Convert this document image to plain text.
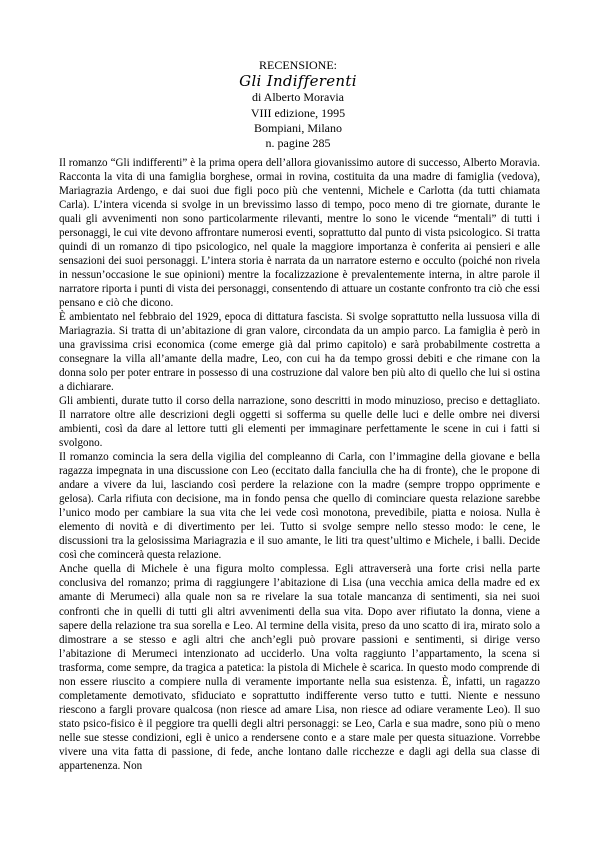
RECENSIONE:
Gli Indifferenti
di Alberto Moravia
VIII edizione, 1995
Bompiani, Milano
n. pagine 285

Il romanzo “Gli indifferenti” è la prima opera dell’allora giovanissimo autore di successo, Alberto Moravia. Racconta la vita di una famiglia borghese, ormai in rovina, costituita da una madre di famiglia (vedova), Mariagrazia Ardengo, e dai suoi due figli poco più che ventenni, Michele e Carlotta (da tutti chiamata Carla). L’intera vicenda si svolge in un brevissimo lasso di tempo, poco meno di tre giornate, durante le quali gli avvenimenti non sono particolarmente rilevanti, mentre lo sono le vicende “mentali” di tutti i personaggi, le cui vite devono affrontare numerosi eventi, soprattutto dal punto di vista psicologico. Si tratta quindi di un romanzo di tipo psicologico, nel quale la maggiore importanza è conferita ai pensieri e alle sensazioni dei suoi personaggi. L’intera storia è narrata da un narratore esterno e occulto (poiché non rivela in nessun’occasione le sue opinioni) mentre la focalizzazione è prevalentemente interna, in altre parole il narratore riporta i punti di vista dei personaggi, consentendo di attuare un costante confronto tra ciò che essi pensano e ciò che dicono.

È ambientato nel febbraio del 1929, epoca di dittatura fascista. Si svolge soprattutto nella lussuosa villa di Mariagrazia. Si tratta di un’abitazione di gran valore, circondata da un ampio parco. La famiglia è però in una gravissima crisi economica (come emerge già dal primo capitolo) e sarà probabilmente costretta a consegnare la villa all’amante della madre, Leo, con cui ha da tempo grossi debiti e che rimane con la donna solo per poter entrare in possesso di una costruzione dal valore ben più alto di quello che lui si ostina a dichiarare.

Gli ambienti, durate tutto il corso della narrazione, sono descritti in modo minuzioso, preciso e dettagliato. Il narratore oltre alle descrizioni degli oggetti si sofferma su quelle delle luci e delle ombre nei diversi ambienti, così da dare al lettore tutti gli elementi per immaginare perfettamente le scene in cui i fatti si svolgono.

Il romanzo comincia la sera della vigilia del compleanno di Carla, con l’immagine della giovane e bella ragazza impegnata in una discussione con Leo (eccitato dalla fanciulla che ha di fronte), che le propone di andare a vivere da lui, lasciando così perdere la relazione con la madre (sempre troppo opprimente e gelosa). Carla rifiuta con decisione, ma in fondo pensa che quello di cominciare questa relazione sarebbe l’unico modo per cambiare la sua vita che lei vede così monotona, prevedibile, piatta e noiosa. Nulla è elemento di novità e di divertimento per lei. Tutto si svolge sempre nello stesso modo: le cene, le discussioni tra la gelosissima Mariagrazia e il suo amante, le liti tra quest’ultimo e Michele, i balli. Decide così che comincerà questa relazione.

Anche quella di Michele è una figura molto complessa. Egli attraverserà una forte crisi nella parte conclusiva del romanzo; prima di raggiungere l’abitazione di Lisa (una vecchia amica della madre ed ex amante di Merumeci) alla quale non sa re rivelare la sua totale mancanza di sentimenti, sia nei suoi confronti che in quelli di tutti gli altri avvenimenti della sua vita. Dopo aver rifiutato la donna, viene a sapere della relazione tra sua sorella e Leo. Al termine della visita, preso da uno scatto di ira, mirato solo a dimostrare a se stesso e agli altri che anch’egli può provare passioni e sentimenti, si dirige verso l’abitazione di Merumeci intenzionato ad ucciderlo. Una volta raggiunto l’appartamento, la scena si trasforma, come sempre, da tragica a patetica: la pistola di Michele è scarica. In questo modo comprende di non essere riuscito a compiere nulla di veramente importante nella sua esistenza. È, infatti, un ragazzo completamente demotivato, sfiduciato e soprattutto indifferente verso tutto e tutti. Niente e nessuno riescono a fargli provare qualcosa (non riesce ad amare Lisa, non riesce ad odiare veramente Leo). Il suo stato psico-fisico è il peggiore tra quelli degli altri personaggi: se Leo, Carla e sua madre, sono più o meno nelle sue stesse condizioni, egli è unico a rendersene conto e a stare male per questa situazione. Vorrebbe vivere una vita fatta di passione, di fede, anche lontano dalle ricchezze e dagli agi della sua classe di appartenenza. Non
